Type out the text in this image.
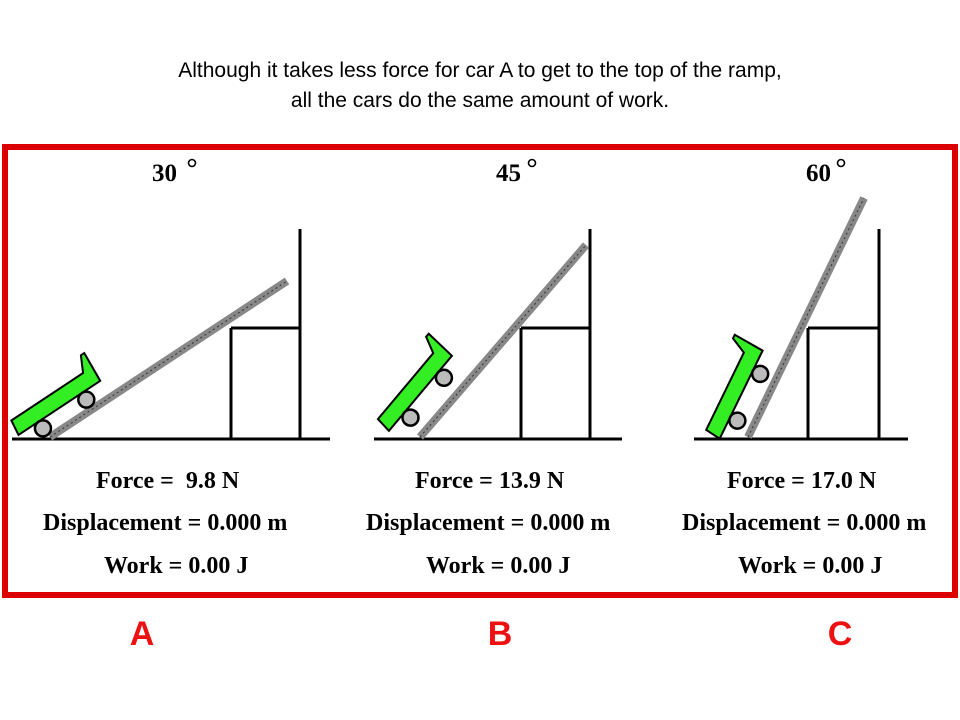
Although it takes less force for car A to get to the top of the ramp,
all the cars do the same amount of work.
30
Force =  9.8 N
Displacement = 0.000 m
Work = 0.00 J
45
Force = 13.9 N
Displacement = 0.000 m
Work = 0.00 J
60
Force = 17.0 N
Displacement = 0.000 m
Work = 0.00 J
A	B	C
